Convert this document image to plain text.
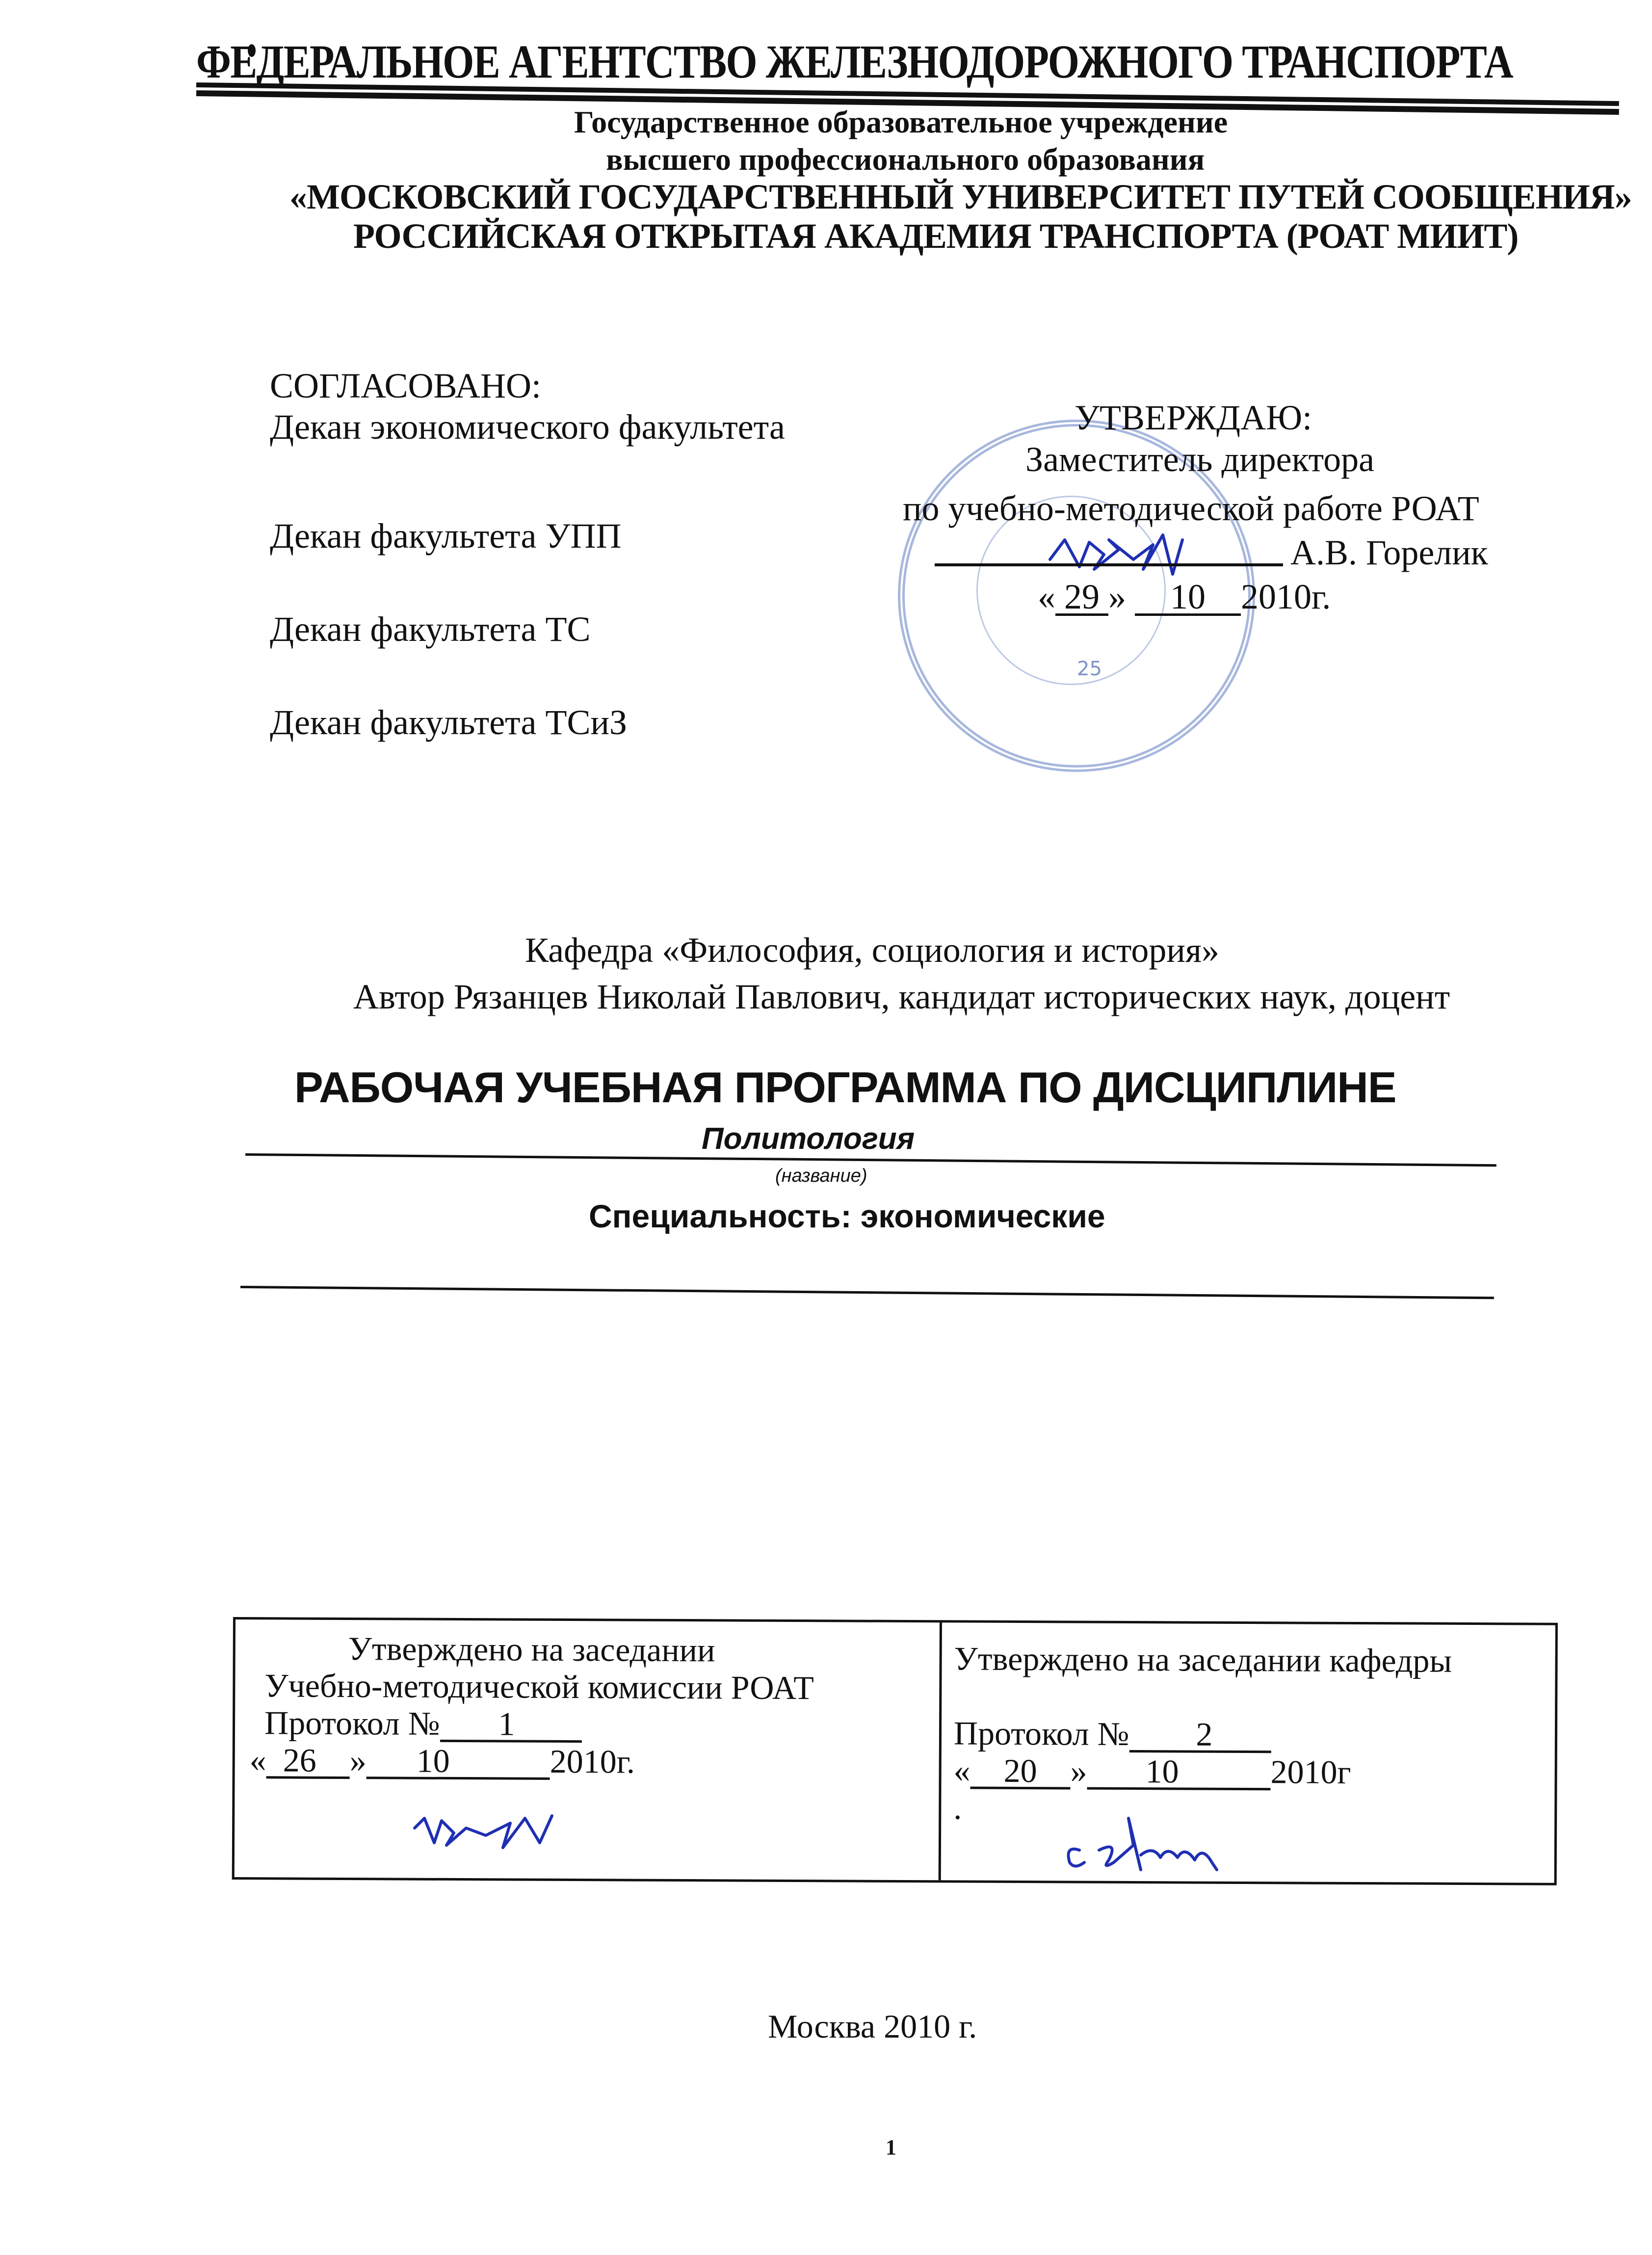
ФЕДЕРАЛЬНОЕ АГЕНТСТВО ЖЕЛЕЗНОДОРОЖНОГО ТРАНСПОРТА
Государственное образовательное учреждение
высшего профессионального образования
«МОСКОВСКИЙ ГОСУДАРСТВЕННЫЙ УНИВЕРСИТЕТ ПУТЕЙ СООБЩЕНИЯ»
РОССИЙСКАЯ ОТКРЫТАЯ АКАДЕМИЯ ТРАНСПОРТА (РОАТ МИИТ)
СОГЛАСОВАНО:
Декан экономического факультета
Декан факультета УПП
Декан факультета ТС
Декан факультета ТСиЗ
25
УТВЕРЖДАЮ:
Заместитель директора
по учебно-методической работе РОАТ
А.В. Горелик
« 29 » 10 2010г.
Кафедра «Философия, социология и история»
Автор Рязанцев Николай Павлович, кандидат исторических наук, доцент
РАБОЧАЯ УЧЕБНАЯ ПРОГРАММА ПО ДИСЦИПЛИНЕ
Политология
(название)
Специальность: экономические
Утверждено на заседании
Учебно-методической комиссии РОАТ
Протокол № 1
« 26 » 10	2010г.
Утверждено на заседании кафедры
Протокол № 2
« 20 » 10	2010г
.
Москва 2010 г.
1
